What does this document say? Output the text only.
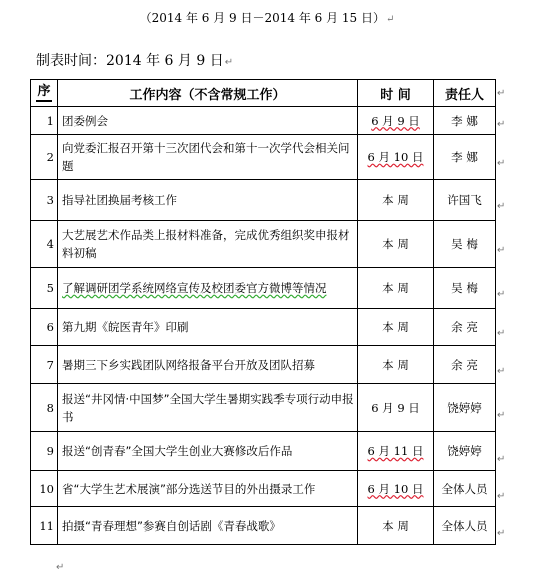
（2014 年 6 月 9 日－2014 年 6 月 15 日）↵
制表时间：2014 年 6 月 9 日↵
序	工作内容（不含常规工作）	时 间	责任人
1	团委例会	6 月 9 日	李 娜
2	向党委汇报召开第十三次团代会和第十一次学代会相关问题	6 月 10 日	李 娜
3	指导社团换届考核工作	本 周	许国飞
4	大艺展艺术作品类上报材料准备，完成优秀组织奖申报材料初稿	本 周	吴 梅
5	了解调研团学系统网络宣传及校团委官方微博等情况	本 周	吴 梅
6	第九期《皖医青年》印刷	本 周	余 亮
7	暑期三下乡实践团队网络报备平台开放及团队招募	本 周	余 亮
8	报送“井冈情·中国梦”全国大学生暑期实践季专项行动申报书	6 月 9 日	饶婷婷
9	报送“创青春”全国大学生创业大赛修改后作品	6 月 11 日	饶婷婷
10	省“大学生艺术展演”部分选送节目的外出摄录工作	6 月 10 日	全体人员
11	拍摄“青春理想”参赛自创话剧《青春战歌》	本 周	全体人员
↵
↵
↵
↵
↵
↵
↵
↵
↵
↵
↵
↵
↵
